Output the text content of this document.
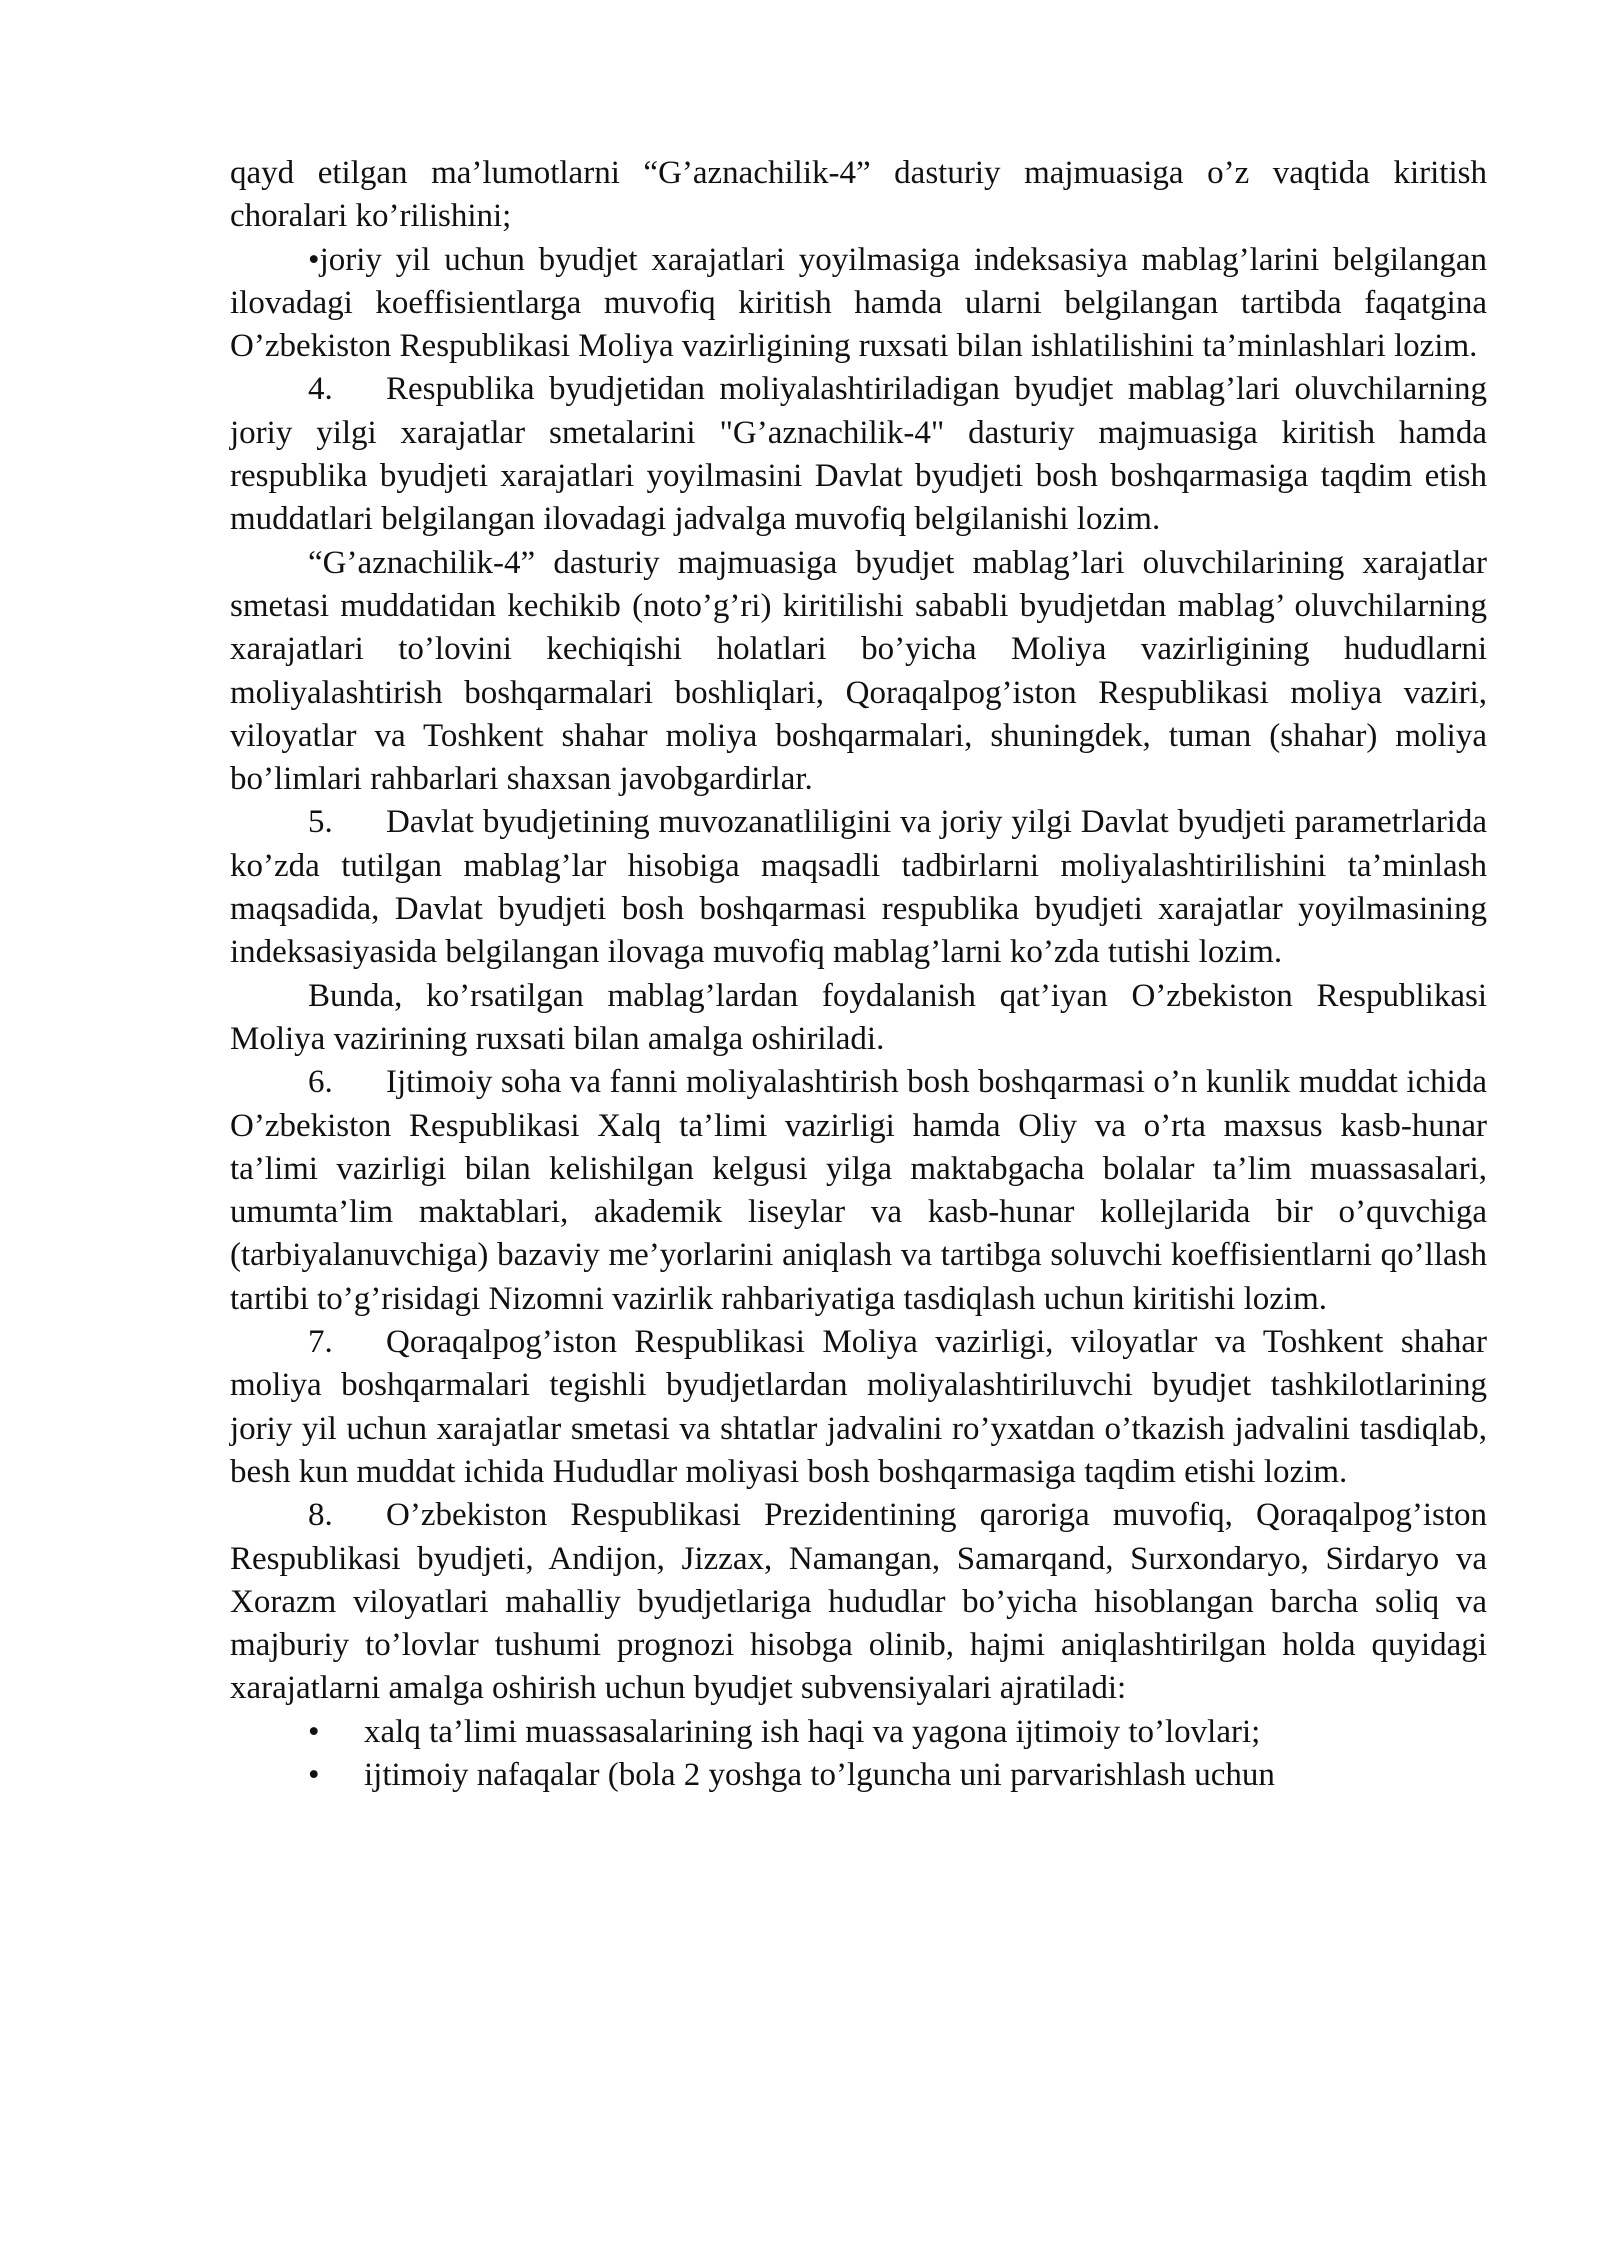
qayd etilgan ma’lumotlarni “G’aznachilik-4” dasturiy majmuasiga o’z vaqtida kiritish choralari ko’rilishini;

•joriy yil uchun byudjet xarajatlari yoyilmasiga indeksasiya mablag’larini belgilangan ilovadagi koeffisientlarga muvofiq kiritish hamda ularni belgilangan tartibda faqatgina O’zbekiston Respublikasi Moliya vazirligining ruxsati bilan ishlatilishini ta’minlashlari lozim.

4. Respublika byudjetidan moliyalashtiriladigan byudjet mablag’lari oluvchilarning joriy yilgi xarajatlar smetalarini "G’aznachilik-4" dasturiy majmuasiga kiritish hamda respublika byudjeti xarajatlari yoyilmasini Davlat byudjeti bosh boshqarmasiga taqdim etish muddatlari belgilangan ilovadagi jadvalga muvofiq belgilanishi lozim.

“G’aznachilik-4” dasturiy majmuasiga byudjet mablag’lari oluvchilarining xarajatlar smetasi muddatidan kechikib (noto’g’ri) kiritilishi sababli byudjetdan mablag’ oluvchilarning xarajatlari to’lovini kechiqishi holatlari bo’yicha Moliya vazirligining hududlarni moliyalashtirish boshqarmalari boshliqlari, Qoraqalpog’iston Respublikasi moliya vaziri, viloyatlar va Toshkent shahar moliya boshqarmalari, shuningdek, tuman (shahar) moliya bo’limlari rahbarlari shaxsan javobgardirlar.

5. Davlat byudjetining muvozanatliligini va joriy yilgi Davlat byudjeti parametrlarida ko’zda tutilgan mablag’lar hisobiga maqsadli tadbirlarni moliyalashtirilishini ta’minlash maqsadida, Davlat byudjeti bosh boshqarmasi respublika byudjeti xarajatlar yoyilmasining indeksasiyasida belgilangan ilovaga muvofiq mablag’larni ko’zda tutishi lozim.

Bunda, ko’rsatilgan mablag’lardan foydalanish qat’iyan O’zbekiston Respublikasi Moliya vazirining ruxsati bilan amalga oshiriladi.

6. Ijtimoiy soha va fanni moliyalashtirish bosh boshqarmasi o’n kunlik muddat ichida O’zbekiston Respublikasi Xalq ta’limi vazirligi hamda Oliy va o’rta maxsus kasb-hunar ta’limi vazirligi bilan kelishilgan kelgusi yilga maktabgacha bolalar ta’lim muassasalari, umumta’lim maktablari, akademik liseylar va kasb-hunar kollejlarida bir o’quvchiga (tarbiyalanuvchiga) bazaviy me’yorlarini aniqlash va tartibga soluvchi koeffisientlarni qo’llash tartibi to’g’risidagi Nizomni vazirlik rahbariyatiga tasdiqlash uchun kiritishi lozim.

7. Qoraqalpog’iston Respublikasi Moliya vazirligi, viloyatlar va Toshkent shahar moliya boshqarmalari tegishli byudjetlardan moliyalashtiriluvchi byudjet tashkilotlarining joriy yil uchun xarajatlar smetasi va shtatlar jadvalini ro’yxatdan o’tkazish jadvalini tasdiqlab, besh kun muddat ichida Hududlar moliyasi bosh boshqarmasiga taqdim etishi lozim.

8. O’zbekiston Respublikasi Prezidentining qaroriga muvofiq, Qoraqalpog’iston Respublikasi byudjeti, Andijon, Jizzax, Namangan, Samarqand, Surxondaryo, Sirdaryo va Xorazm viloyatlari mahalliy byudjetlariga hududlar bo’yicha hisoblangan barcha soliq va majburiy to’lovlar tushumi prognozi hisobga olinib, hajmi aniqlashtirilgan holda quyidagi xarajatlarni amalga oshirish uchun byudjet subvensiyalari ajratiladi:

• xalq ta’limi muassasalarining ish haqi va yagona ijtimoiy to’lovlari;
• ijtimoiy nafaqalar (bola 2 yoshga to’lguncha uni parvarishlash uchun
